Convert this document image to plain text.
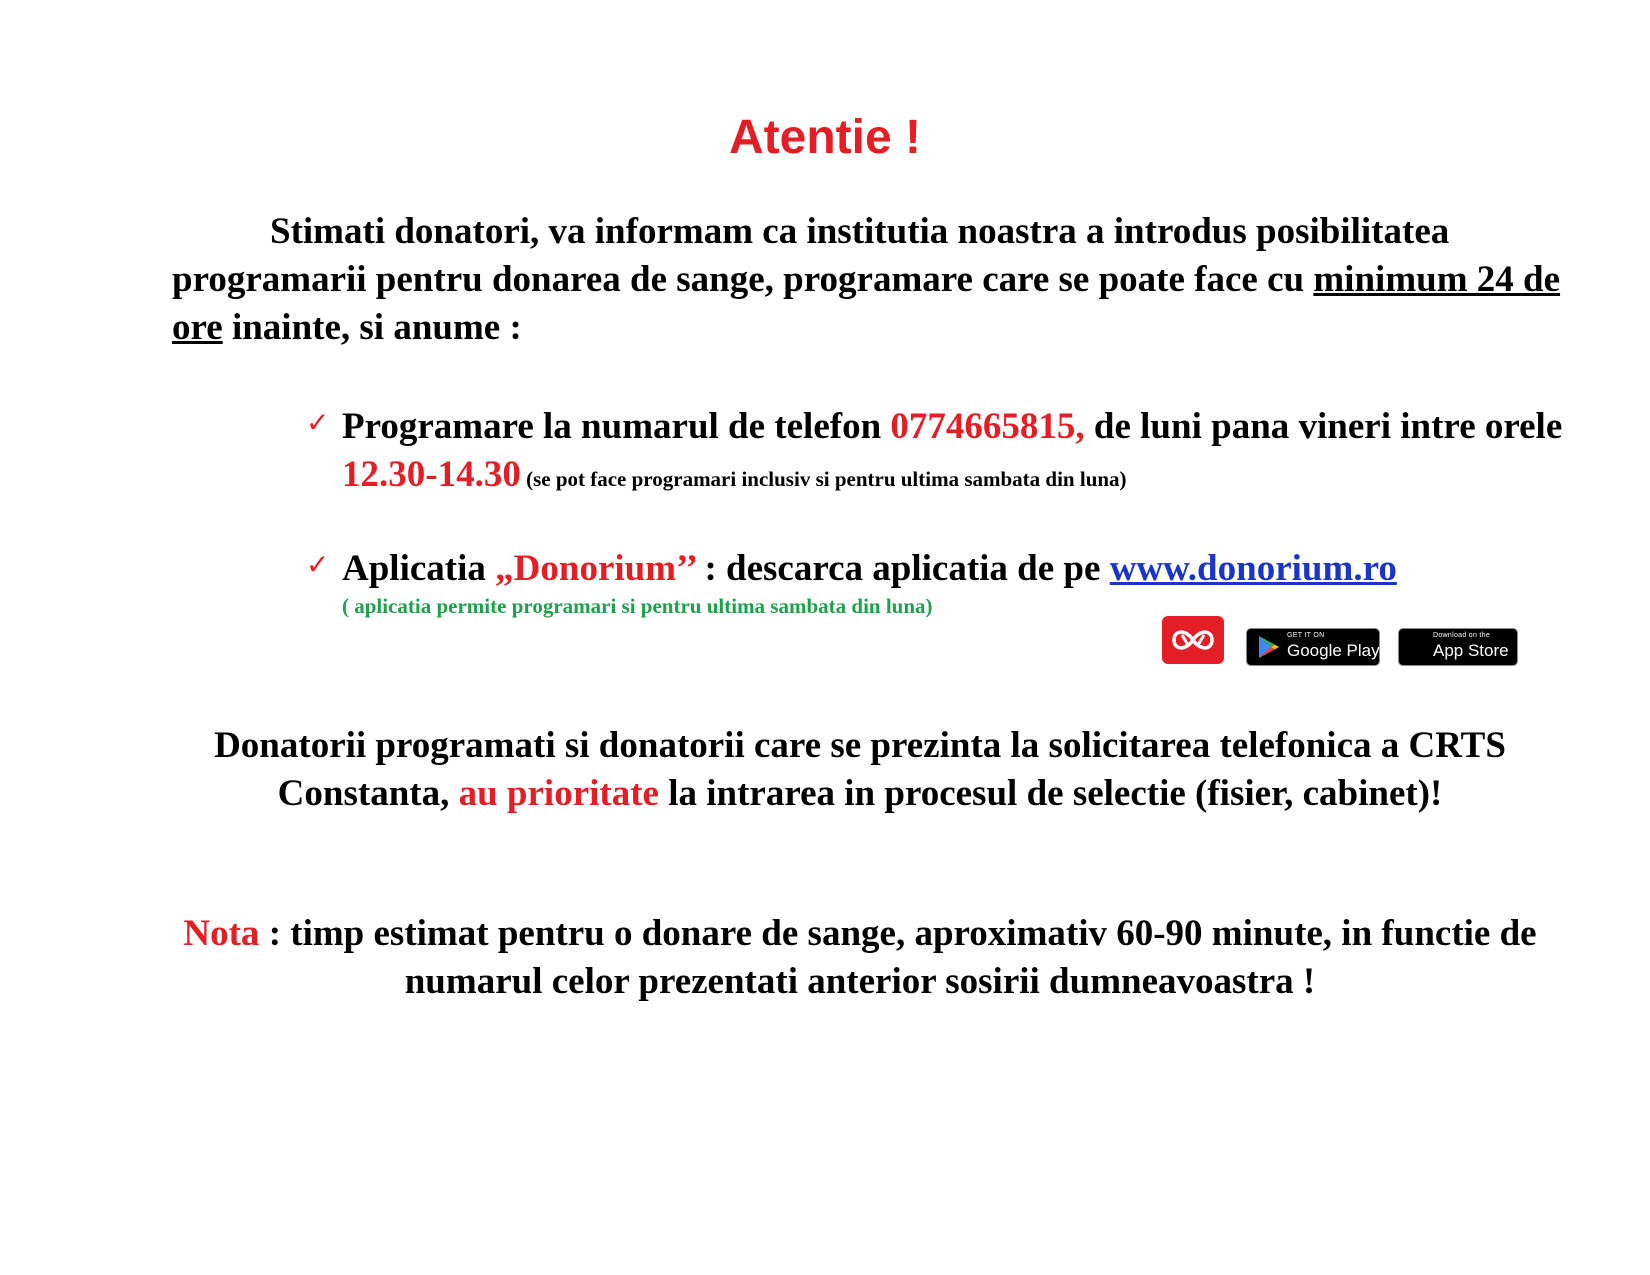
Atentie !

Stimati donatori, va informam ca institutia noastra a introdus posibilitatea programarii pentru donarea de sange, programare care se poate face cu minimum 24 de ore inainte, si anume :

✓ Programare la numarul de telefon 0774665815, de luni pana vineri intre orele 12.30-14.30 (se pot face programari inclusiv si pentru ultima sambata din luna)
✓ Aplicatia „Donorium’’ : descarca aplicatia de pe www.donorium.ro
( aplicatia permite programari si pentru ultima sambata din luna)
GET IT ON
Google Play
Download on the
App Store

Donatorii programati si donatorii care se prezinta la solicitarea telefonica a CRTS Constanta, au prioritate la intrarea in procesul de selectie (fisier, cabinet)!

Nota : timp estimat pentru o donare de sange, aproximativ 60-90 minute, in functie de numarul celor prezentati anterior sosirii dumneavoastra !
